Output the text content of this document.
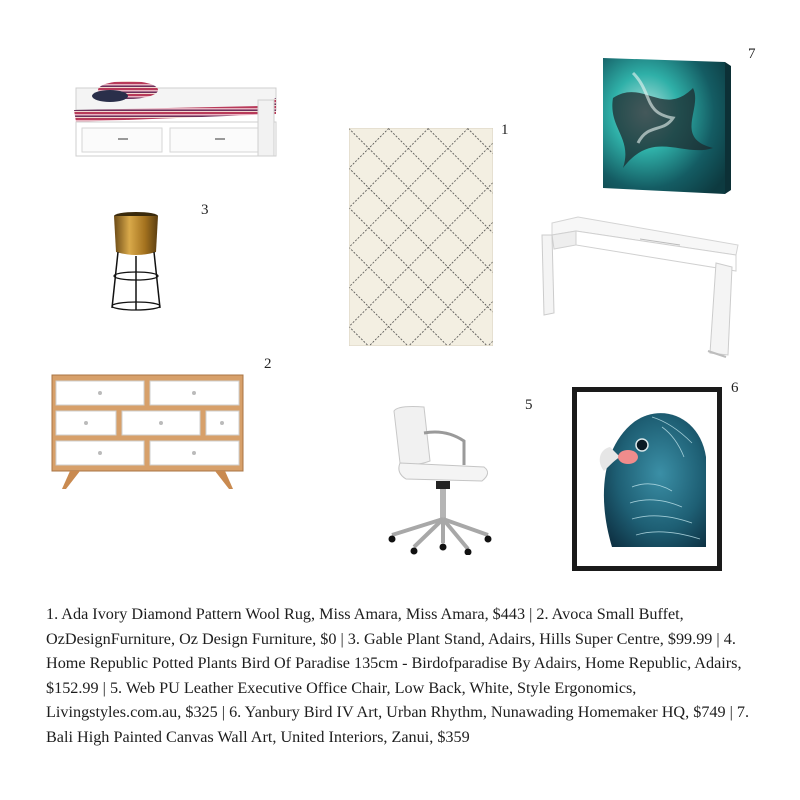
1
7
3
2
5
6
1. Ada Ivory Diamond Pattern Wool Rug, Miss Amara, Miss Amara, $443 | 2. Avoca Small Buffet, OzDesignFurniture, Oz Design Furniture, $0 | 3. Gable Plant Stand, Adairs, Hills Super Centre, $99.99 | 4. Home Republic Potted Plants Bird Of Paradise 135cm - Birdofparadise By Adairs, Home Republic, Adairs, $152.99 | 5. Web PU Leather Executive Office Chair, Low Back, White, Style Ergonomics, Livingstyles.com.au, $325 | 6. Yanbury Bird IV Art, Urban Rhythm, Nunawading Homemaker HQ, $749 | 7. Bali High Painted Canvas Wall Art, United Interiors, Zanui, $359
